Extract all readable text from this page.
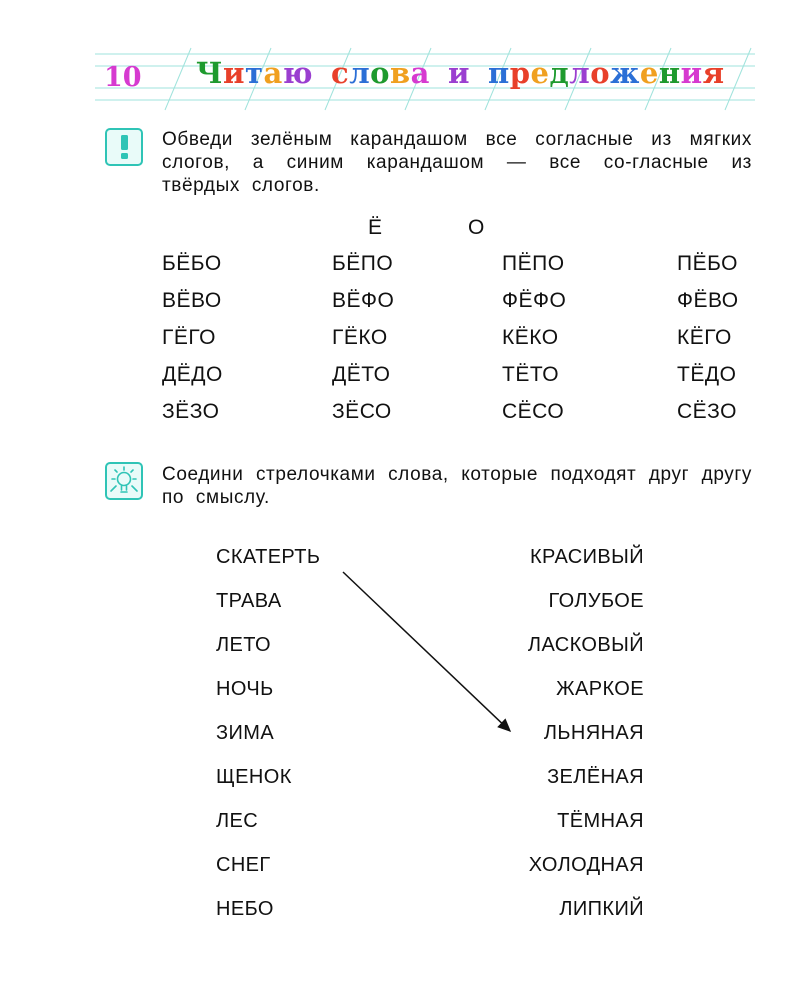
10 Читаю слова и предложения
Обведи зелёным карандашом все согласные из мягких слогов, а синим карандашом — все со-гласные из твёрдых слогов.
Ё	О
БЁБО	БЁПО	ПЁПО	ПЁБО
ВЁВО	ВЁФО	ФЁФО	ФЁВО
ГЁГО	ГЁКО	КЁКО	КЁГО
ДЁДО	ДЁТО	ТЁТО	ТЁДО
ЗЁЗО	ЗЁСО	СЁСО	СЁЗО
Соедини стрелочками слова, которые подходят друг другу по смыслу.
СКАТЕРТЬ	КРАСИВЫЙ
ТРАВА	ГОЛУБОЕ
ЛЕТО	ЛАСКОВЫЙ
НОЧЬ	ЖАРКОЕ
ЗИМА	ЛЬНЯНАЯ
ЩЕНОК	ЗЕЛЁНАЯ
ЛЕС	ТЁМНАЯ
СНЕГ	ХОЛОДНАЯ
НЕБО	ЛИПКИЙ
